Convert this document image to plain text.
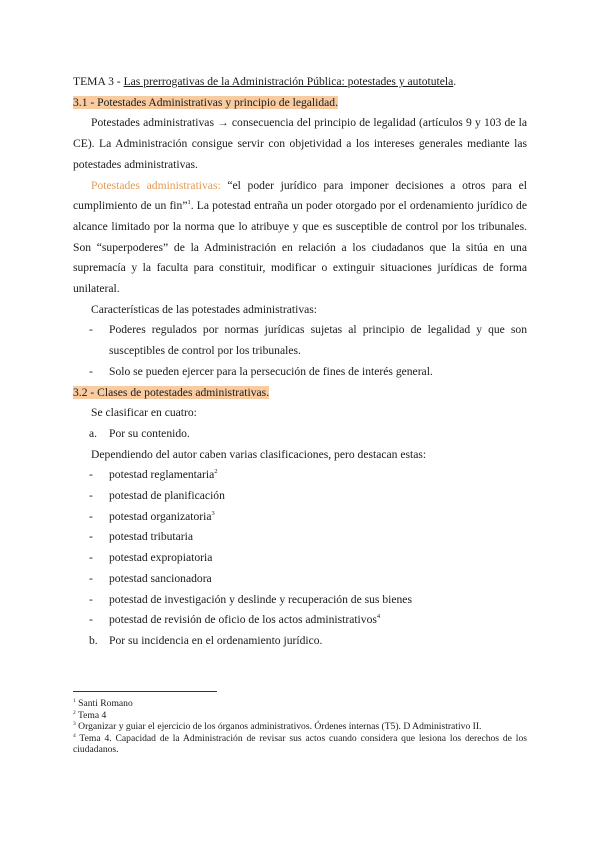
TEMA 3 - Las prerrogativas de la Administración Pública: potestades y autotutela.
3.1 - Potestades Administrativas y principio de legalidad.
Potestades administrativas → consecuencia del principio de legalidad (artículos 9 y 103 de la CE). La Administración consigue servir con objetividad a los intereses generales mediante las potestades administrativas.
Potestades administrativas: “el poder jurídico para imponer decisiones a otros para el cumplimiento de un fin”$^1$. La potestad entraña un poder otorgado por el ordenamiento jurídico de alcance limitado por la norma que lo atribuye y que es susceptible de control por los tribunales. Son “superpoderes” de la Administración en relación a los ciudadanos que la sitúa en una supremacía y la faculta para constituir, modificar o extinguir situaciones jurídicas de forma unilateral.
Características de las potestades administrativas:
- Poderes regulados por normas jurídicas sujetas al principio de legalidad y que son susceptibles de control por los tribunales.
- Solo se pueden ejercer para la persecución de fines de interés general.
3.2 - Clases de potestades administrativas.
Se clasificar en cuatro:
a. Por su contenido.
Dependiendo del autor caben varias clasificaciones, pero destacan estas:
- potestad reglamentaria$^2$
- potestad de planificación
- potestad organizatoria$^3$
- potestad tributaria
- potestad expropiatoria
- potestad sancionadora
- potestad de investigación y deslinde y recuperación de sus bienes
- potestad de revisión de oficio de los actos administrativos$^4$
b. Por su incidencia en el ordenamiento jurídico.
$^1$ Santi Romano
$^2$ Tema 4
$^3$ Organizar y guiar el ejercicio de los órganos administrativos. Órdenes internas (T5). D Administrativo II.
$^4$ Tema 4. Capacidad de la Administración de revisar sus actos cuando considera que lesiona los derechos de los ciudadanos.
